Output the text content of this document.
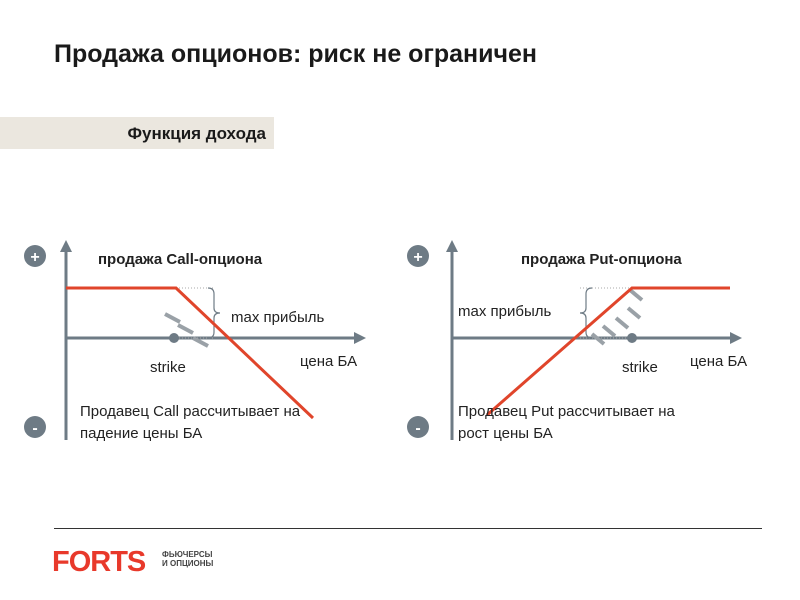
Продажа опционов: риск не ограничен
Функция дохода
+
-
продажа Call-опциона
max прибыль
strike	цена БА
Продавец Call рассчитывает на
падение цены БА
+
-
продажа Put-опциона
max прибыль
strike цена БА
Продавец Put рассчитывает на
рост цены БА
FORTS ФЬЮЧЕРСЫ
И ОПЦИОНЫ
